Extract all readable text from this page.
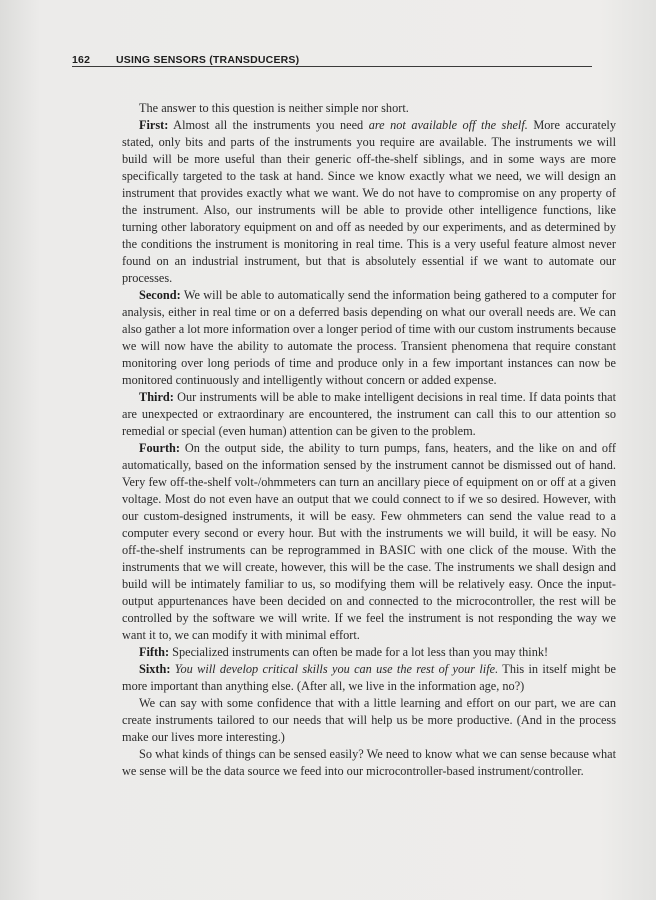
162 USING SENSORS (TRANSDUCERS)

The answer to this question is neither simple nor short.

First: Almost all the instruments you need are not available off the shelf. More accurately stated, only bits and parts of the instruments you require are available. The instruments we will build will be more useful than their generic off-the-shelf siblings, and in some ways are more specifically targeted to the task at hand. Since we know exactly what we need, we will design an instrument that provides exactly what we want. We do not have to compromise on any property of the instrument. Also, our instruments will be able to provide other intelligence functions, like turning other laboratory equipment on and off as needed by our experiments, and as determined by the conditions the instrument is monitoring in real time. This is a very useful feature almost never found on an industrial instrument, but that is absolutely essential if we want to automate our processes.

Second: We will be able to automatically send the information being gathered to a computer for analysis, either in real time or on a deferred basis depending on what our overall needs are. We can also gather a lot more information over a longer period of time with our custom instruments because we will now have the ability to automate the process. Transient phenomena that require constant monitoring over long periods of time and produce only in a few important instances can now be monitored continuously and intelligently without concern or added expense.

Third: Our instruments will be able to make intelligent decisions in real time. If data points that are unexpected or extraordinary are encountered, the instrument can call this to our attention so remedial or special (even human) attention can be given to the problem.

Fourth: On the output side, the ability to turn pumps, fans, heaters, and the like on and off automatically, based on the information sensed by the instrument cannot be dismissed out of hand. Very few off-the-shelf volt-/ohmmeters can turn an ancillary piece of equipment on or off at a given voltage. Most do not even have an output that we could connect to if we so desired. However, with our custom-designed instruments, it will be easy. Few ohmmeters can send the value read to a computer every second or every hour. But with the instruments we will build, it will be easy. No off-the-shelf instruments can be reprogrammed in BASIC with one click of the mouse. With the instruments that we will create, however, this will be the case. The instruments we shall design and build will be intimately familiar to us, so modifying them will be relatively easy. Once the input-output appurtenances have been decided on and connected to the microcontroller, the rest will be controlled by the software we will write. If we feel the instrument is not responding the way we want it to, we can modify it with minimal effort.

Fifth: Specialized instruments can often be made for a lot less than you may think!

Sixth: You will develop critical skills you can use the rest of your life. This in itself might be more important than anything else. (After all, we live in the information age, no?)

We can say with some confidence that with a little learning and effort on our part, we are can create instruments tailored to our needs that will help us be more productive. (And in the process make our lives more interesting.)

So what kinds of things can be sensed easily? We need to know what we can sense because what we sense will be the data source we feed into our microcontroller-based instrument/controller.
